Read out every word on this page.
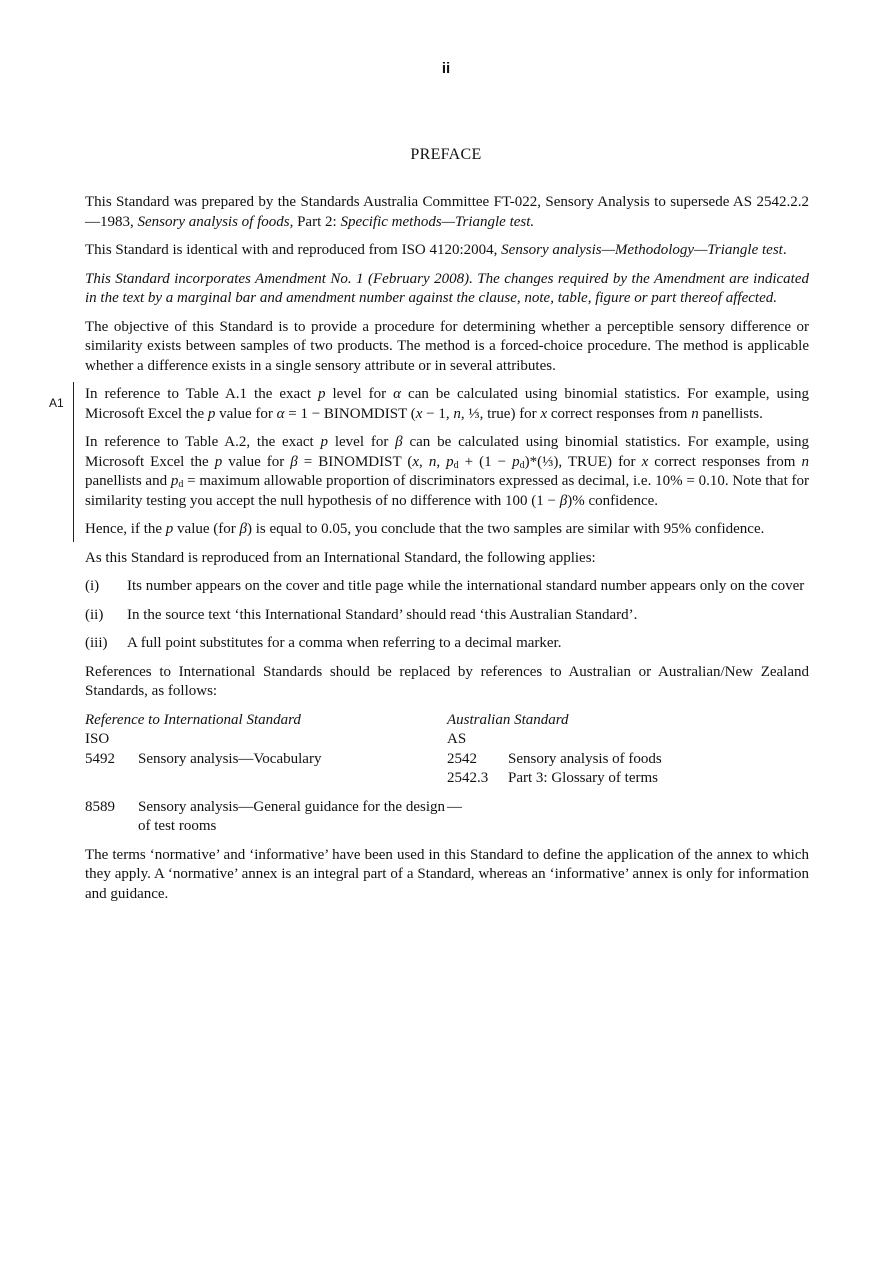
ii
PREFACE

This Standard was prepared by the Standards Australia Committee FT-022, Sensory Analysis to supersede AS 2542.2.2—1983, Sensory analysis of foods, Part 2: Specific methods—Triangle test.

This Standard is identical with and reproduced from ISO 4120:2004, Sensory analysis—Methodology—Triangle test.

This Standard incorporates Amendment No. 1 (February 2008). The changes required by the Amendment are indicated in the text by a marginal bar and amendment number against the clause, note, table, figure or part thereof affected.

The objective of this Standard is to provide a procedure for determining whether a perceptible sensory difference or similarity exists between samples of two products. The method is a forced-choice procedure. The method is applicable whether a difference exists in a single sensory attribute or in several attributes.

A1

In reference to Table A.1 the exact p level for α can be calculated using binomial statistics. For example, using Microsoft Excel the p value for α = 1 − BINOMDIST (x − 1, n, ⅓, true) for x correct responses from n panellists.

In reference to Table A.2, the exact p level for β can be calculated using binomial statistics. For example, using Microsoft Excel the p value for β = BINOMDIST (x, n, $p_d + (1$ − $p_d)*(\frac{1}{3})$, TRUE) for x correct responses from n panellists and $p_d$ = maximum allowable proportion of discriminators expressed as decimal, i.e. 10% = 0.10. Note that for similarity testing you accept the null hypothesis of no difference with 100 (1 − β)% confidence.

Hence, if the p value (for β) is equal to 0.05, you conclude that the two samples are similar with 95% confidence.

As this Standard is reproduced from an International Standard, the following applies:

(i)	Its number appears on the cover and title page while the international standard number appears only on the cover
(ii)	In the source text ‘this International Standard’ should read ‘this Australian Standard’.
(iii)	A full point substitutes for a comma when referring to a decimal marker.

References to International Standards should be replaced by references to Australian or Australian/New Zealand Standards, as follows:

Reference to International Standard		Australian Standard	
ISO		AS	
5492	Sensory analysis—Vocabulary	2542	Sensory analysis of foods
		2542.3	Part 3: Glossary of terms

8589	Sensory analysis—General guidance for the design of test rooms	—	

The terms ‘normative’ and ‘informative’ have been used in this Standard to define the application of the annex to which they apply. A ‘normative’ annex is an integral part of a Standard, whereas an ‘informative’ annex is only for information and guidance.
